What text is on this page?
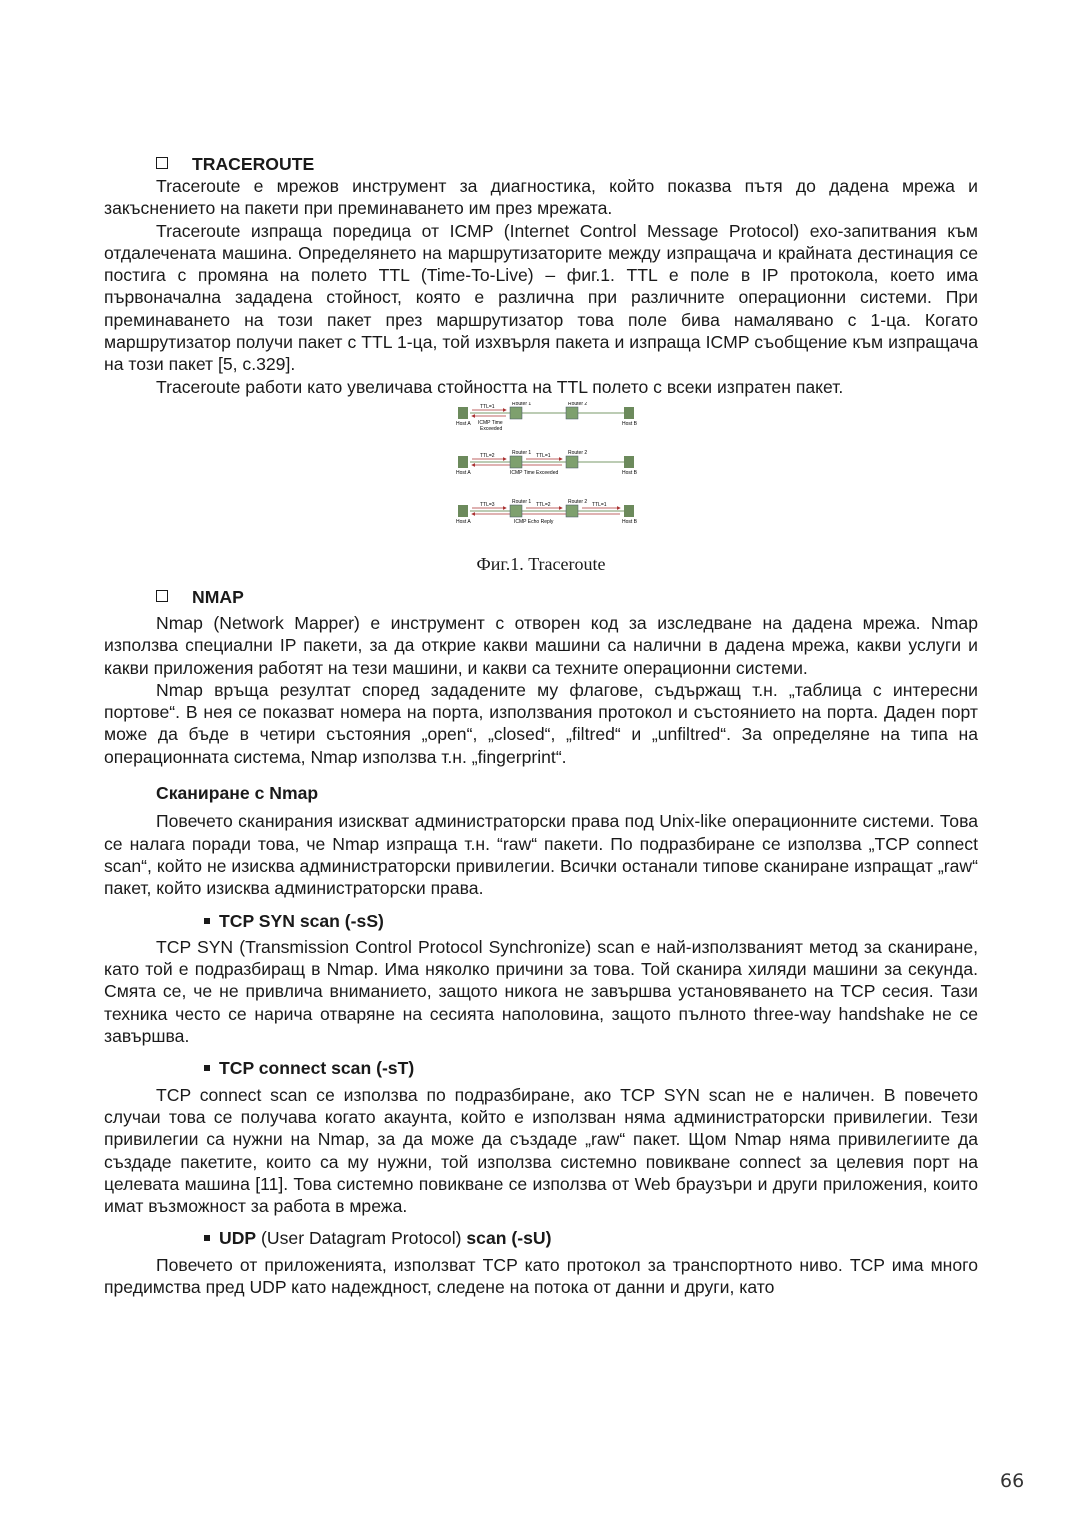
TRACEROUTE

Traceroute е мрежов инструмент за диагностика, който показва пътя до дадена мрежа и закъснението на пакети при преминаването им през мрежата.

Traceroute изпраща поредица от ICMP (Internet Control Message Protocol) ехо-запитвания към отдалечената машина. Определянето на маршрутизаторите между изпращача и крайната дестинация се постига с промяна на полето TTL (Time-To-Live) – фиг.1. TTL е поле в IP протокола, което има първоначална зададена стойност, която е различна при различните операционни системи. При преминаването на този пакет през маршрутизатор това поле бива намалявано с 1-ца. Когато маршрутизатор получи пакет с TTL 1-ца, той изхвърля пакета и изпраща ICMP съобщение към изпращача на този пакет [5, с.329].

Traceroute работи като увеличава стойността на TTL полето с всеки изпратен пакет.

TTL=1	Router 1	Router 2
Host A	Host B
ICMP Time
Exceeded
TTL=2	TTL=1
Router 1	Router 2
Host A	Host B
ICMP Time Exceeded
TTL=3	TTL=2	TTL=1
Router 1	Router 2
Host A	Host B
ICMP Echo Reply
Фиг.1. Traceroute
NMAP

Nmap (Network Mapper) е инструмент с отворен код за изследване на дадена мрежа. Nmap използва специални IP пакети, за да открие какви машини са налични в дадена мрежа, какви услуги и какви приложения работят на тези машини, и какви са техните операционни системи.

Nmap връща резултат според зададените му флагове, съдържащ т.н. „таблица с интересни портове“. В нея се показват номера на порта, използвания протокол и състоянието на порта. Даден порт може да бъде в четири състояния „open“, „closed“, „filtred“ и „unfiltred“. За определяне на типа на операционната система, Nmap използва т.н. „fingerprint“.

Сканиране с Nmap

Повечето сканирания изискват администраторски права под Unix-like операционните системи. Това се налага поради това, че Nmap изпраща т.н. “raw“ пакети. По подразбиране се използва „TCP connect scan“, който не изисква администраторски привилегии. Всички останали типове сканиране изпращат „raw“ пакет, който изисква администраторски права.

TCP SYN scan (-sS)

TCP SYN (Transmission Control Protocol Synchronize) scan е най-използваният метод за сканиране, като той е подразбиращ в Nmap. Има няколко причини за това. Той сканира хиляди машини за секунда. Смята се, че не привлича вниманието, защото никога не завършва установяването на TCP сесия. Тази техника често се нарича отваряне на сесията наполовина, защото пълното three-way handshake не се завършва.

TCP connect scan (-sT)

TCP connect scan се използва по подразбиране, ако TCP SYN scan не е наличен. В повечето случаи това се получава когато акаунта, който е използван няма администраторски привилегии. Тези привилегии са нужни на Nmap, за да може да създаде „raw“ пакет. Щом Nmap няма привилегиите да създаде пакетите, които са му нужни, той използва системно повикване connect за целевия порт на целевата машина [11]. Това системно повикване се използва от Web браузъри и други приложения, които имат възможност за работа в мрежа.

UDP (User Datagram Protocol) scan (-sU)

Повечето от приложенията, използват TCP като протокол за транспортното ниво. TCP има много предимства пред UDP като надеждност, следене на потока от данни и други, като

66
